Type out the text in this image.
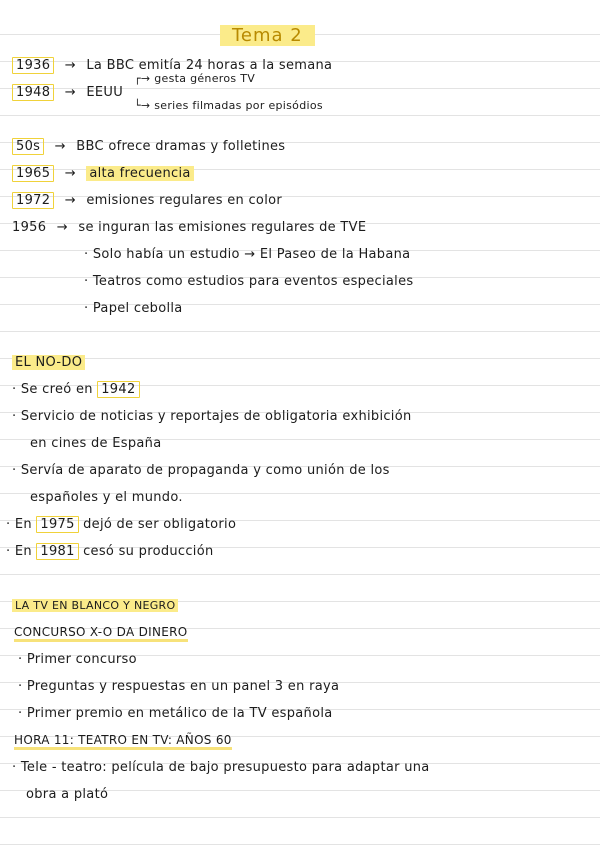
Tema 2
1936 → La BBC emitía 24 horas a la semana
1948 → EEUU
┌→ gesta géneros TV
└→ series filmadas por episódios
50s → BBC ofrece dramas y folletines
1965 → alta frecuencia
1972 → emisiones regulares en color
1956 → se inguran las emisiones regulares de TVE
· Solo había un estudio → El Paseo de la Habana
· Teatros como estudios para eventos especiales
· Papel cebolla
EL NO-DO
· Se creó en 1942
· Servicio de noticias y reportajes de obligatoria exhibición
en cines de España
· Servía de aparato de propaganda y como unión de los
españoles y el mundo.
· En 1975 dejó de ser obligatorio
· En 1981 cesó su producción
LA TV EN BLANCO Y NEGRO
CONCURSO X-O DA DINERO
· Primer concurso
· Preguntas y respuestas en un panel 3 en raya
· Primer premio en metálico de la TV española
HORA 11: TEATRO EN TV: AÑOS 60
· Tele - teatro: película de bajo presupuesto para adaptar una
obra a plató
